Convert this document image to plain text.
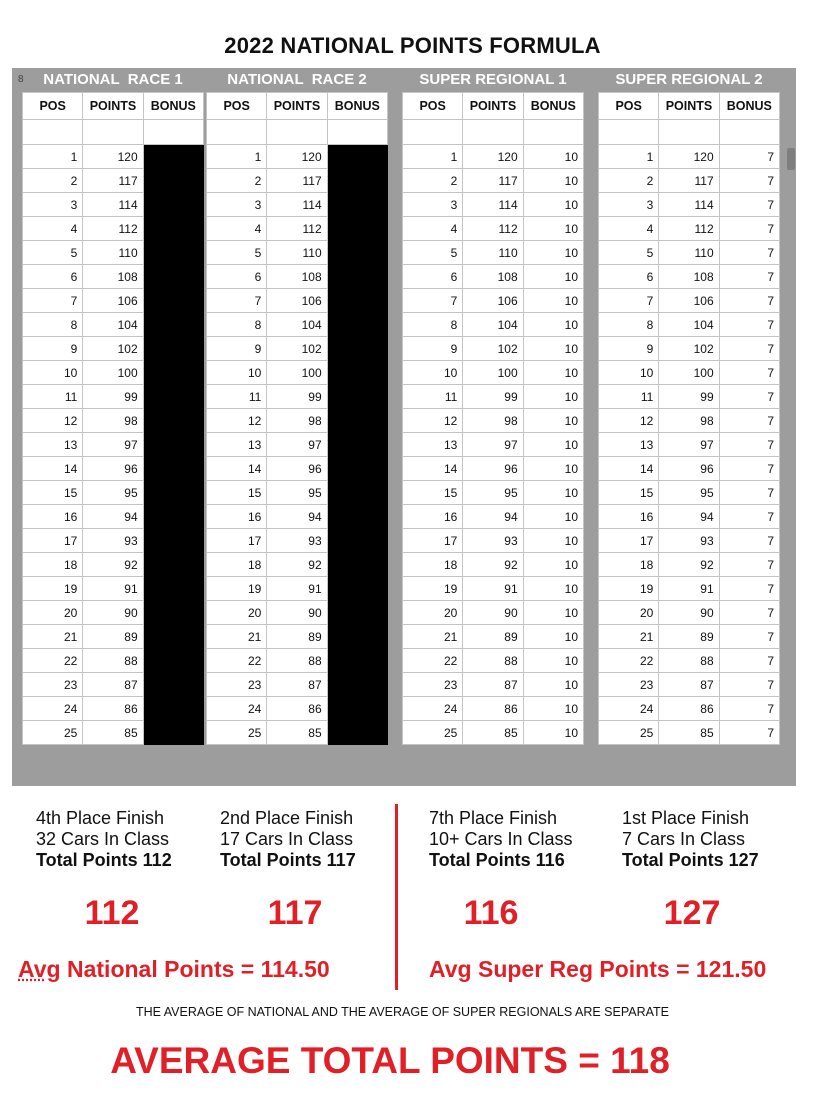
2022 NATIONAL POINTS FORMULA
8	NATIONAL  RACE 1
POS	POINTS	BONUS

1	120	
2	117	
3	114	
4	112	
5	110	
6	108	
7	106	
8	104	
9	102	
10	100	
11	99	
12	98	
13	97	
14	96	
15	95	
16	94	
17	93	
18	92	
19	91	
20	90	
21	89	
22	88	
23	87	
24	86	
25	85	

NATIONAL  RACE 2
POS	POINTS	BONUS

1	120	
2	117	
3	114	
4	112	
5	110	
6	108	
7	106	
8	104	
9	102	
10	100	
11	99	
12	98	
13	97	
14	96	
15	95	
16	94	
17	93	
18	92	
19	91	
20	90	
21	89	
22	88	
23	87	
24	86	
25	85	

SUPER REGIONAL 1
POS	POINTS	BONUS

1	120	10
2	117	10
3	114	10
4	112	10
5	110	10
6	108	10
7	106	10
8	104	10
9	102	10
10	100	10
11	99	10
12	98	10
13	97	10
14	96	10
15	95	10
16	94	10
17	93	10
18	92	10
19	91	10
20	90	10
21	89	10
22	88	10
23	87	10
24	86	10
25	85	10

SUPER REGIONAL 2
POS	POINTS	BONUS

1	120	7
2	117	7
3	114	7
4	112	7
5	110	7
6	108	7
7	106	7
8	104	7
9	102	7
10	100	7
11	99	7
12	98	7
13	97	7
14	96	7
15	95	7
16	94	7
17	93	7
18	92	7
19	91	7
20	90	7
21	89	7
22	88	7
23	87	7
24	86	7
25	85	7

4th Place Finish
32 Cars In Class
Total Points 112
112
2nd Place Finish
17 Cars In Class
Total Points 117
117
7th Place Finish
10+ Cars In Class
Total Points 116
116
1st Place Finish
7 Cars In Class
Total Points 127
127
Avg National Points = 114.50	Avg Super Reg Points = 121.50
THE AVERAGE OF NATIONAL AND THE AVERAGE OF SUPER REGIONALS ARE SEPARATE
AVERAGE TOTAL POINTS = 118
